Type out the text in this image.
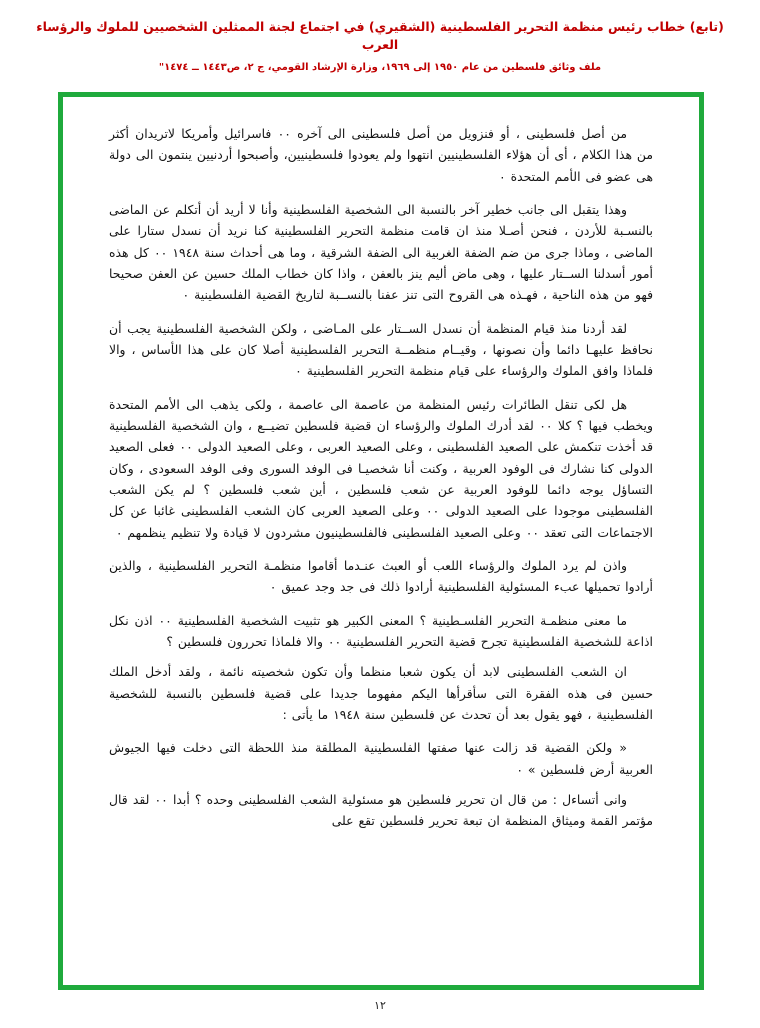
(تابع) خطاب رئيس منظمة التحرير الفلسطينية (الشقيري) في اجتماع لجنة الممثلين الشخصيين للملوك والرؤساء العرب

ملف وثائق فلسطين من عام ١٩٥٠ إلى ١٩٦٩، وزارة الإرشاد القومي، ج ٢، ص١٤٤٣ ــ ١٤٧٤"

من أصل فلسطينى ، أو فنزويل من أصل فلسطينى الى آخره ٠٠ فاسرائيل وأمريكا لاتريدان أكثر من هذا الكلام ، أى أن هؤلاء الفلسطينيين انتهوا ولم يعودوا فلسطينيين، وأصبحوا أردنيين ينتمون الى دولة هى عضو فى الأمم المتحدة ٠

وهذا يتقبل الى جانب خطير آخر بالنسبة الى الشخصية الفلسطينية وأنا لا أريد أن أتكلم عن الماضى بالنسـبة للأردن ، فنحن أصـلا منذ ان قامت منظمة التحرير الفلسطينية كنا نريد أن نسدل ستارا على الماضى ، وماذا جرى من ضم الضفة الغربية الى الضفة الشرقية ، وما هى أحداث سنة ١٩٤٨ ٠٠ كل هذه أمور أسدلنا الســتار عليها ، وهى ماض أليم ينز بالعفن ، واذا كان خطاب الملك حسين عن العفن صحيحا فهو من هذه الناحية ، فهـذه هى القروح التى تنز عفنا بالنســبة لتاريخ القضية الفلسطينية ٠

لقد أردنا منذ قيام المنظمة أن نسدل الســتار على المـاضى ، ولكن الشخصية الفلسطينية يجب أن نحافظ عليهـا دائما وأن نصونها ، وقيــام منظمــة التحرير الفلسطينية أصلا كان على هذا الأساس ، والا فلماذا وافق الملوك والرؤساء على قيام منظمة التحرير الفلسطينية ٠

هل لكى تنقل الطائرات رئيس المنظمة من عاصمة الى عاصمة ، ولكى يذهب الى الأمم المتحدة ويخطب فيها ؟ كلا ٠٠ لقد أدرك الملوك والرؤساء ان قضية فلسطين تضيــع ، وان الشخصية الفلسطينية قد أخذت تنكمش على الصعيد الفلسطينى ، وعلى الصعيد العربى ، وعلى الصعيد الدولى ٠٠ فعلى الصعيد الدولى كنا نشارك فى الوفود العربية ، وكنت أنا شخصيـا فى الوفد السورى وفى الوفد السعودى ، وكان التساؤل يوجه دائما للوفود العربية عن شعب فلسطين ، أين شعب فلسطين ؟ لم يكن الشعب الفلسطينى موجودا على الصعيد الدولى ٠٠ وعلى الصعيد العربى كان الشعب الفلسطينى غائبا عن كل الاجتماعات التى تعقد ٠٠ وعلى الصعيد الفلسطينى فالفلسطينيون مشردون لا قيادة ولا تنظيم ينظمهم ٠

واذن لم يرد الملوك والرؤساء اللعب أو العبث عنـدما أقاموا منظمـة التحرير الفلسطينية ، والذين أرادوا تحميلها عبء المسئولية الفلسطينية أرادوا ذلك فى جد وجد عميق ٠

ما معنى منظمـة التحرير الفلسـطينية ؟ المعنى الكبير هو تثبيت الشخصية الفلسطينية ٠٠ اذن نكل اذاعة للشخصية الفلسطينية تجرح قضية التحرير الفلسطينية ٠٠ والا فلماذا تحررون فلسطين ؟

ان الشعب الفلسطينى لابد أن يكون شعبا منظما وأن تكون شخصيته نائمة ، ولقد أدخل الملك حسين فى هذه الفقرة التى سأقرأها اليكم مفهوما جديدا على قضية فلسطين بالنسبة للشخصية الفلسطينية ، فهو يقول بعد أن تحدث عن فلسطين سنة ١٩٤٨ ما يأتى :

« ولكن القضية قد زالت عنها صفتها الفلسطينية المطلقة منذ اللحظة التى دخلت فيها الجيوش العربية أرض فلسطين » ٠

وانى أتساءل : من قال ان تحرير فلسطين هو مسئولية الشعب الفلسطينى وحده ؟ أبدا ٠٠ لقد قال مؤتمر القمة وميثاق المنظمة ان تبعة تحرير فلسطين تقع على

١٢
